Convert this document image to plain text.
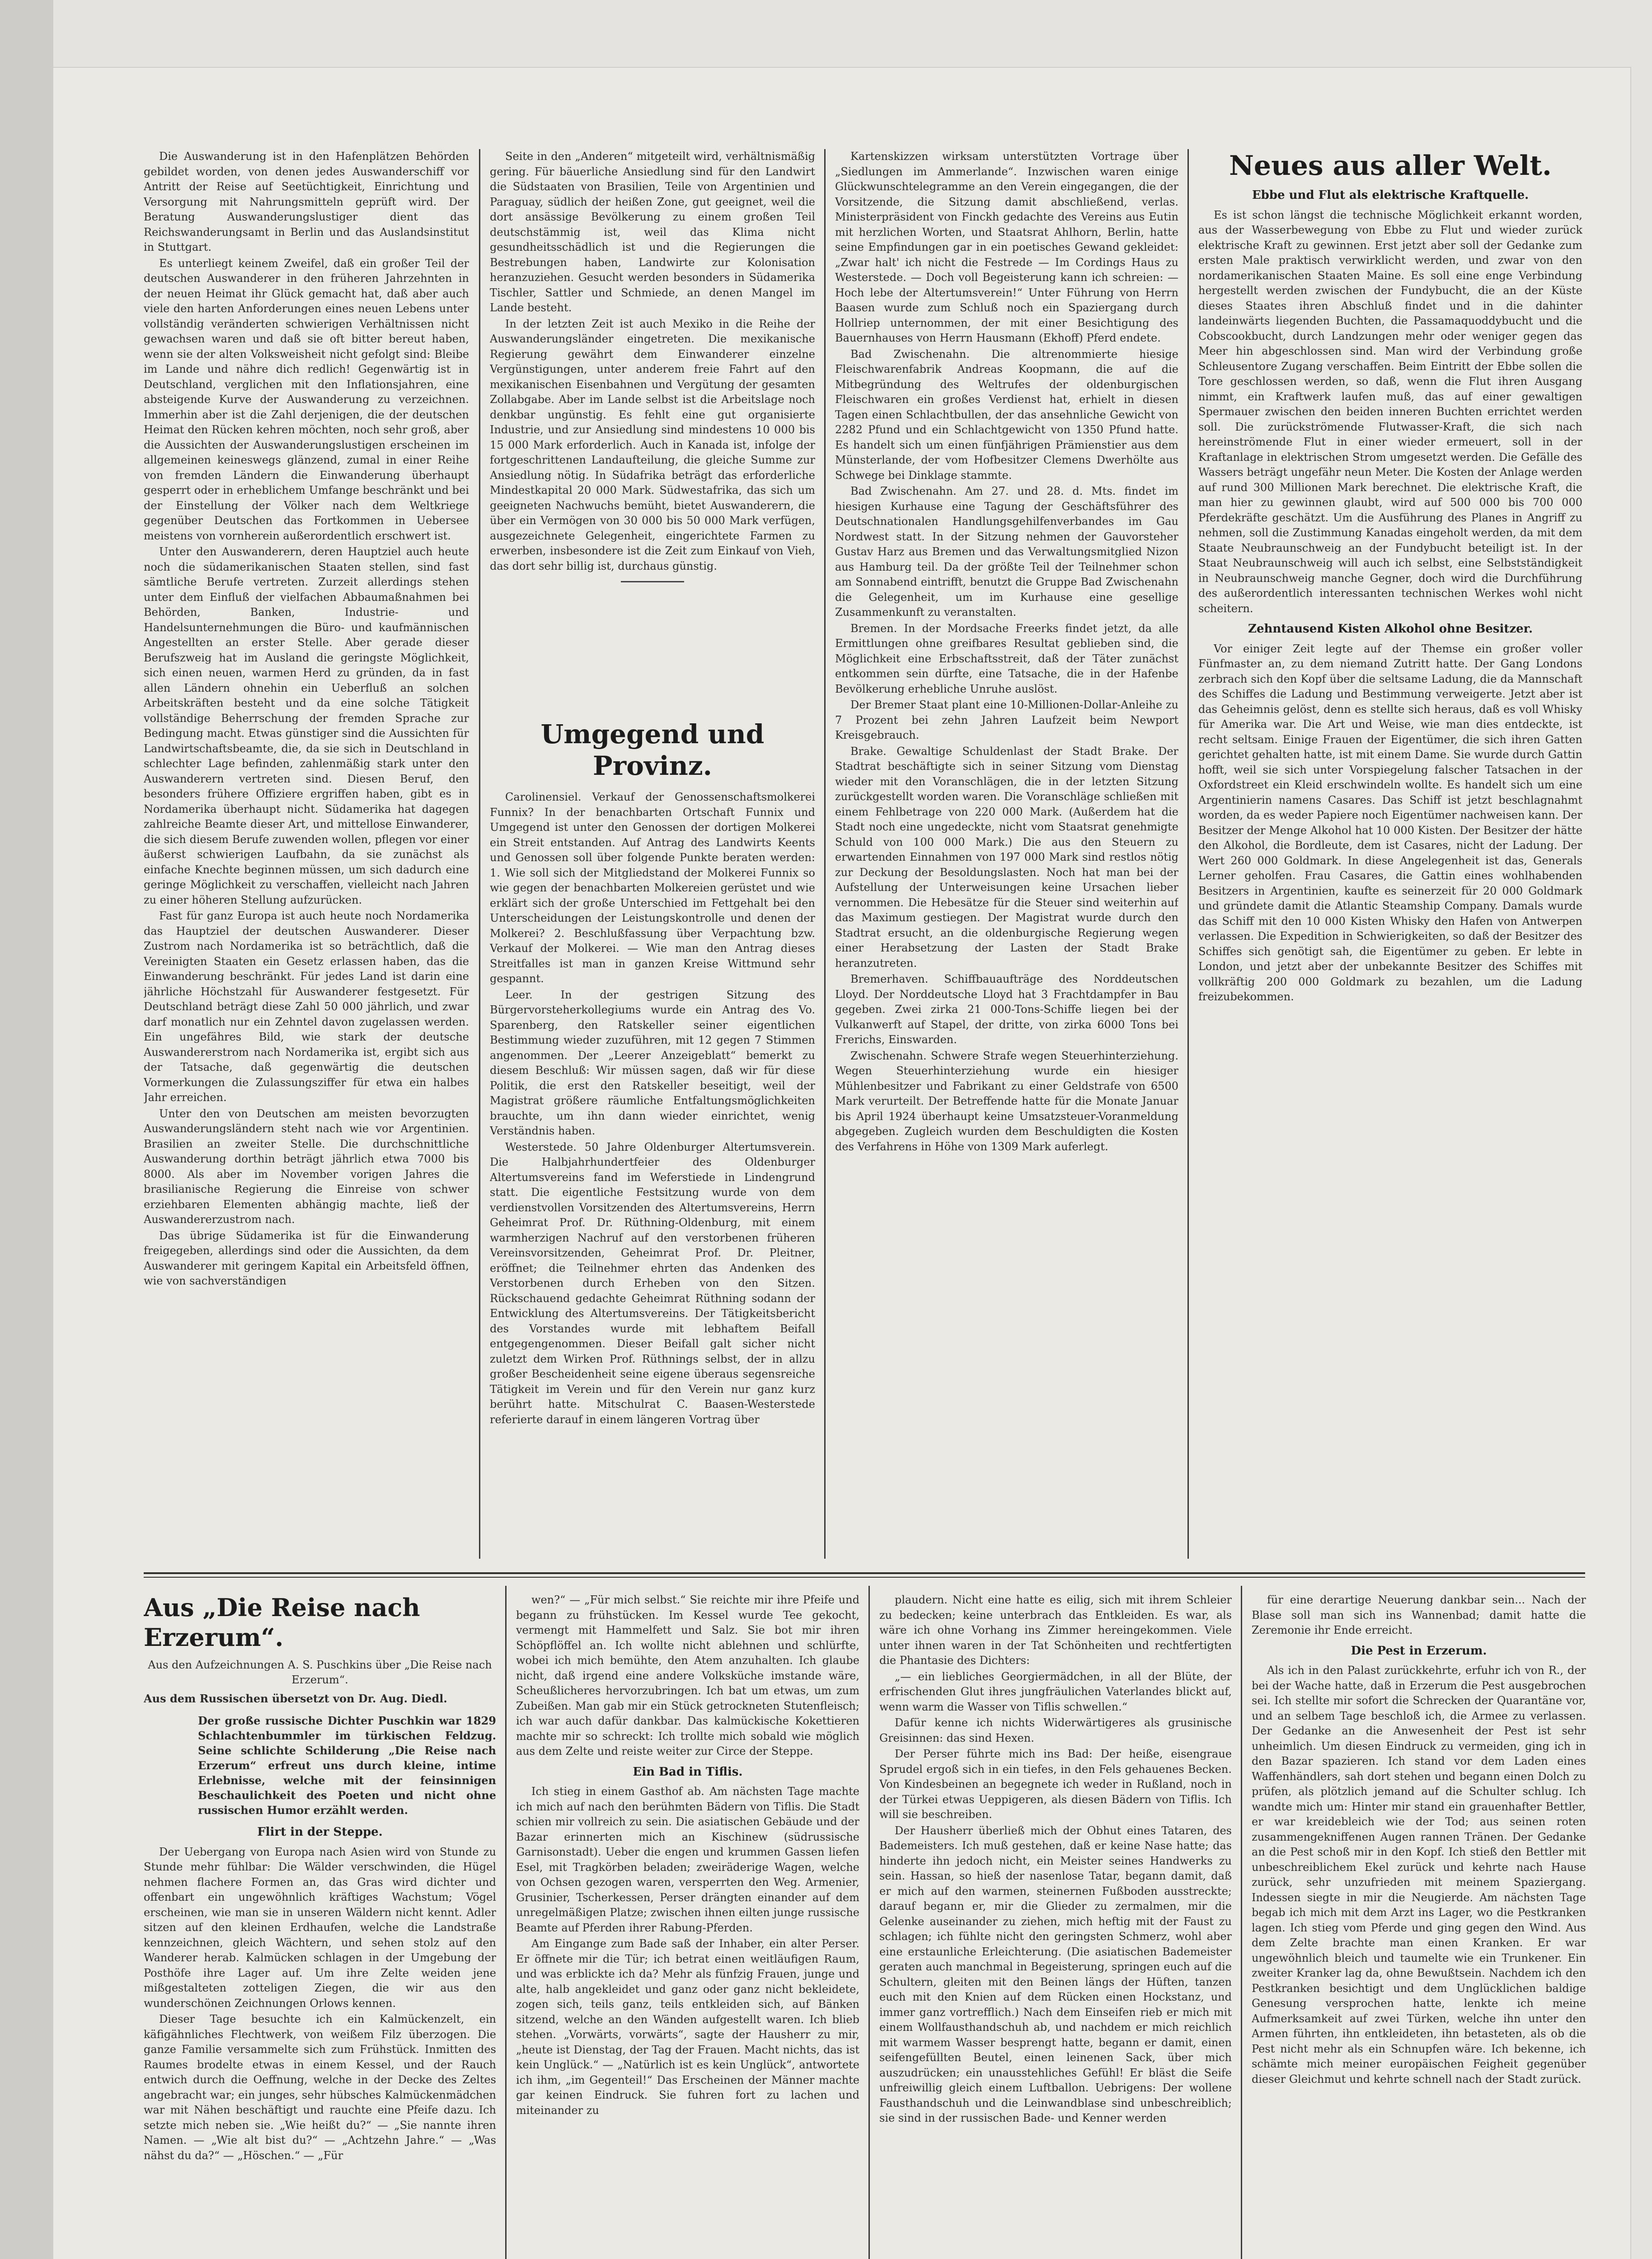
Die Auswanderung ist in den Hafenplätzen Behörden gebildet worden, von denen jedes Auswanderschiff vor Antritt der Reise auf Seetüchtigkeit, Einrichtung und Versorgung mit Nahrungsmitteln geprüft wird. Der Beratung Auswanderungslustiger dient das Reichswanderungsamt in Berlin und das Auslandsinstitut in Stuttgart.

Es unterliegt keinem Zweifel, daß ein großer Teil der deutschen Auswanderer in den früheren Jahrzehnten in der neuen Heimat ihr Glück gemacht hat, daß aber auch viele den harten Anforderungen eines neuen Lebens unter vollständig veränderten schwierigen Verhältnissen nicht gewachsen waren und daß sie oft bitter bereut haben, wenn sie der alten Volksweisheit nicht gefolgt sind: Bleibe im Lande und nähre dich redlich! Gegenwärtig ist in Deutschland, verglichen mit den Inflationsjahren, eine absteigende Kurve der Auswanderung zu verzeichnen. Immerhin aber ist die Zahl derjenigen, die der deutschen Heimat den Rücken kehren möchten, noch sehr groß, aber die Aussichten der Auswanderungslustigen erscheinen im allgemeinen keineswegs glänzend, zumal in einer Reihe von fremden Ländern die Einwanderung überhaupt gesperrt oder in erheblichem Umfange beschränkt und bei der Einstellung der Völker nach dem Weltkriege gegenüber Deutschen das Fortkommen in Uebersee meistens von vornherein außerordentlich erschwert ist.

Unter den Auswanderern, deren Hauptziel auch heute noch die südamerikanischen Staaten stellen, sind fast sämtliche Berufe vertreten. Zurzeit allerdings stehen unter dem Einfluß der vielfachen Abbaumaßnahmen bei Behörden, Banken, Industrie- und Handelsunternehmungen die Büro- und kaufmännischen Angestellten an erster Stelle. Aber gerade dieser Berufszweig hat im Ausland die geringste Möglichkeit, sich einen neuen, warmen Herd zu gründen, da in fast allen Ländern ohnehin ein Ueberfluß an solchen Arbeitskräften besteht und da eine solche Tätigkeit vollständige Beherrschung der fremden Sprache zur Bedingung macht. Etwas günstiger sind die Aussichten für Landwirtschaftsbeamte, die, da sie sich in Deutschland in schlechter Lage befinden, zahlenmäßig stark unter den Auswanderern vertreten sind. Diesen Beruf, den besonders frühere Offiziere ergriffen haben, gibt es in Nordamerika überhaupt nicht. Südamerika hat dagegen zahlreiche Beamte dieser Art, und mittellose Einwanderer, die sich diesem Berufe zuwenden wollen, pflegen vor einer äußerst schwierigen Laufbahn, da sie zunächst als einfache Knechte beginnen müssen, um sich dadurch eine geringe Möglichkeit zu verschaffen, vielleicht nach Jahren zu einer höheren Stellung aufzurücken.

Fast für ganz Europa ist auch heute noch Nordamerika das Hauptziel der deutschen Auswanderer. Dieser Zustrom nach Nordamerika ist so beträchtlich, daß die Vereinigten Staaten ein Gesetz erlassen haben, das die Einwanderung beschränkt. Für jedes Land ist darin eine jährliche Höchstzahl für Auswanderer festgesetzt. Für Deutschland beträgt diese Zahl 50 000 jährlich, und zwar darf monatlich nur ein Zehntel davon zugelassen werden. Ein ungefähres Bild, wie stark der deutsche Auswandererstrom nach Nordamerika ist, ergibt sich aus der Tatsache, daß gegenwärtig die deutschen Vormerkungen die Zulassungsziffer für etwa ein halbes Jahr erreichen.

Unter den von Deutschen am meisten bevorzugten Auswanderungsländern steht nach wie vor Argentinien. Brasilien an zweiter Stelle. Die durchschnittliche Auswanderung dorthin beträgt jährlich etwa 7000 bis 8000. Als aber im November vorigen Jahres die brasilianische Regierung die Einreise von schwer erziehbaren Elementen abhängig machte, ließ der Auswandererzustrom nach.

Das übrige Südamerika ist für die Einwanderung freigegeben, allerdings sind oder die Aussichten, da dem Auswanderer mit geringem Kapital ein Arbeitsfeld öffnen, wie von sachverständigen

Seite in den „Anderen“ mitgeteilt wird, verhältnismäßig gering. Für bäuerliche Ansiedlung sind für den Landwirt die Südstaaten von Brasilien, Teile von Argentinien und Paraguay, südlich der heißen Zone, gut geeignet, weil die dort ansässige Bevölkerung zu einem großen Teil deutschstämmig ist, weil das Klima nicht gesundheitsschädlich ist und die Regierungen die Bestrebungen haben, Landwirte zur Kolonisation heranzuziehen. Gesucht werden besonders in Südamerika Tischler, Sattler und Schmiede, an denen Mangel im Lande besteht.

In der letzten Zeit ist auch Mexiko in die Reihe der Auswanderungsländer eingetreten. Die mexikanische Regierung gewährt dem Einwanderer einzelne Vergünstigungen, unter anderem freie Fahrt auf den mexikanischen Eisenbahnen und Vergütung der gesamten Zollabgabe. Aber im Lande selbst ist die Arbeitslage noch denkbar ungünstig. Es fehlt eine gut organisierte Industrie, und zur Ansiedlung sind mindestens 10 000 bis 15 000 Mark erforderlich. Auch in Kanada ist, infolge der fortgeschrittenen Landaufteilung, die gleiche Summe zur Ansiedlung nötig. In Südafrika beträgt das erforderliche Mindestkapital 20 000 Mark. Südwestafrika, das sich um geeigneten Nachwuchs bemüht, bietet Auswanderern, die über ein Vermögen von 30 000 bis 50 000 Mark verfügen, ausgezeichnete Gelegenheit, eingerichtete Farmen zu erwerben, insbesondere ist die Zeit zum Einkauf von Vieh, das dort sehr billig ist, durchaus günstig.

Umgegend und Provinz.

Carolinensiel. Verkauf der Genossenschaftsmolkerei Funnix? In der benachbarten Ortschaft Funnix und Umgegend ist unter den Genossen der dortigen Molkerei ein Streit entstanden. Auf Antrag des Landwirts Keents und Genossen soll über folgende Punkte beraten werden: 1. Wie soll sich der Mitgliedstand der Molkerei Funnix so wie gegen der benachbarten Molkereien gerüstet und wie erklärt sich der große Unterschied im Fettgehalt bei den Unterscheidungen der Leistungskontrolle und denen der Molkerei? 2. Beschlußfassung über Verpachtung bzw. Verkauf der Molkerei. — Wie man den Antrag dieses Streitfalles ist man in ganzen Kreise Wittmund sehr gespannt.

Leer. In der gestrigen Sitzung des Bürgervorsteherkollegiums wurde ein Antrag des Vo. Sparenberg, den Ratskeller seiner eigentlichen Bestimmung wieder zuzuführen, mit 12 gegen 7 Stimmen angenommen. Der „Leerer Anzeigeblatt“ bemerkt zu diesem Beschluß: Wir müssen sagen, daß wir für diese Politik, die erst den Ratskeller beseitigt, weil der Magistrat größere räumliche Entfaltungsmöglichkeiten brauchte, um ihn dann wieder einrichtet, wenig Verständnis haben.

Westerstede. 50 Jahre Oldenburger Altertumsverein. Die Halbjahrhundertfeier des Oldenburger Altertumsvereins fand im Weferstiede in Lindengrund statt. Die eigentliche Festsitzung wurde von dem verdienstvollen Vorsitzenden des Altertumsvereins, Herrn Geheimrat Prof. Dr. Rüthning-Oldenburg, mit einem warmherzigen Nachruf auf den verstorbenen früheren Vereinsvorsitzenden, Geheimrat Prof. Dr. Pleitner, eröffnet; die Teilnehmer ehrten das Andenken des Verstorbenen durch Erheben von den Sitzen. Rückschauend gedachte Geheimrat Rüthning sodann der Entwicklung des Altertumsvereins. Der Tätigkeitsbericht des Vorstandes wurde mit lebhaftem Beifall entgegengenommen. Dieser Beifall galt sicher nicht zuletzt dem Wirken Prof. Rüthnings selbst, der in allzu großer Bescheidenheit seine eigene überaus segensreiche Tätigkeit im Verein und für den Verein nur ganz kurz berührt hatte. Mitschulrat C. Baasen-Westerstede referierte darauf in einem längeren Vortrag über

Kartenskizzen wirksam unterstützten Vortrage über „Siedlungen im Ammerlande“. Inzwischen waren einige Glückwunschtelegramme an den Verein eingegangen, die der Vorsitzende, die Sitzung damit abschließend, verlas. Ministerpräsident von Finckh gedachte des Vereins aus Eutin mit herzlichen Worten, und Staatsrat Ahlhorn, Berlin, hatte seine Empfindungen gar in ein poetisches Gewand gekleidet: „Zwar halt' ich nicht die Festrede — Im Cordings Haus zu Westerstede. — Doch voll Begeisterung kann ich schreien: — Hoch lebe der Altertumsverein!“ Unter Führung von Herrn Baasen wurde zum Schluß noch ein Spaziergang durch Hollriep unternommen, der mit einer Besichtigung des Bauernhauses von Herrn Hausmann (Ekhoff) Pferd endete.

Bad Zwischenahn. Die altrenommierte hiesige Fleischwarenfabrik Andreas Koopmann, die auf die Mitbegründung des Weltrufes der oldenburgischen Fleischwaren ein großes Verdienst hat, erhielt in diesen Tagen einen Schlachtbullen, der das ansehnliche Gewicht von 2282 Pfund und ein Schlachtgewicht von 1350 Pfund hatte. Es handelt sich um einen fünfjährigen Prämienstier aus dem Münsterlande, der vom Hofbesitzer Clemens Dwerhölte aus Schwege bei Dinklage stammte.

Bad Zwischenahn. Am 27. und 28. d. Mts. findet im hiesigen Kurhause eine Tagung der Geschäftsführer des Deutschnationalen Handlungsgehilfenverbandes im Gau Nordwest statt. In der Sitzung nehmen der Gauvorsteher Gustav Harz aus Bremen und das Verwaltungsmitglied Nizon aus Hamburg teil. Da der größte Teil der Teilnehmer schon am Sonnabend eintrifft, benutzt die Gruppe Bad Zwischenahn die Gelegenheit, um im Kurhause eine gesellige Zusammenkunft zu veranstalten.

Bremen. In der Mordsache Freerks findet jetzt, da alle Ermittlungen ohne greifbares Resultat geblieben sind, die Möglichkeit eine Erbschaftsstreit, daß der Täter zunächst entkommen sein dürfte, eine Tatsache, die in der Hafenbe Bevölkerung erhebliche Unruhe auslöst.

Der Bremer Staat plant eine 10-Millionen-Dollar-Anleihe zu 7 Prozent bei zehn Jahren Laufzeit beim Newport Kreisgebrauch.

Brake. Gewaltige Schuldenlast der Stadt Brake. Der Stadtrat beschäftigte sich in seiner Sitzung vom Dienstag wieder mit den Voranschlägen, die in der letzten Sitzung zurückgestellt worden waren. Die Voranschläge schließen mit einem Fehlbetrage von 220 000 Mark. (Außerdem hat die Stadt noch eine ungedeckte, nicht vom Staatsrat genehmigte Schuld von 100 000 Mark.) Die aus den Steuern zu erwartenden Einnahmen von 197 000 Mark sind restlos nötig zur Deckung der Besoldungslasten. Noch hat man bei der Aufstellung der Unterweisungen keine Ursachen lieber vernommen. Die Hebesätze für die Steuer sind weiterhin auf das Maximum gestiegen. Der Magistrat wurde durch den Stadtrat ersucht, an die oldenburgische Regierung wegen einer Herabsetzung der Lasten der Stadt Brake heranzutreten.

Bremerhaven. Schiffbauaufträge des Norddeutschen Lloyd. Der Norddeutsche Lloyd hat 3 Frachtdampfer in Bau gegeben. Zwei zirka 21 000-Tons-Schiffe liegen bei der Vulkanwerft auf Stapel, der dritte, von zirka 6000 Tons bei Frerichs, Einswarden.

Zwischenahn. Schwere Strafe wegen Steuerhinterziehung. Wegen Steuerhinterziehung wurde ein hiesiger Mühlenbesitzer und Fabrikant zu einer Geldstrafe von 6500 Mark verurteilt. Der Betreffende hatte für die Monate Januar bis April 1924 überhaupt keine Umsatzsteuer-Voranmeldung abgegeben. Zugleich wurden dem Beschuldigten die Kosten des Verfahrens in Höhe von 1309 Mark auferlegt.

Neues aus aller Welt.
Ebbe und Flut als elektrische Kraftquelle.

Es ist schon längst die technische Möglichkeit erkannt worden, aus der Wasserbewegung von Ebbe zu Flut und wieder zurück elektrische Kraft zu gewinnen. Erst jetzt aber soll der Gedanke zum ersten Male praktisch verwirklicht werden, und zwar von den nordamerikanischen Staaten Maine. Es soll eine enge Verbindung hergestellt werden zwischen der Fundybucht, die an der Küste dieses Staates ihren Abschluß findet und in die dahinter landeinwärts liegenden Buchten, die Passamaquoddybucht und die Cobscookbucht, durch Landzungen mehr oder weniger gegen das Meer hin abgeschlossen sind. Man wird der Verbindung große Schleusentore Zugang verschaffen. Beim Eintritt der Ebbe sollen die Tore geschlossen werden, so daß, wenn die Flut ihren Ausgang nimmt, ein Kraftwerk laufen muß, das auf einer gewaltigen Spermauer zwischen den beiden inneren Buchten errichtet werden soll. Die zurückströmende Flutwasser-Kraft, die sich nach hereinströmende Flut in einer wieder ermeuert, soll in der Kraftanlage in elektrischen Strom umgesetzt werden. Die Gefälle des Wassers beträgt ungefähr neun Meter. Die Kosten der Anlage werden auf rund 300 Millionen Mark berechnet. Die elektrische Kraft, die man hier zu gewinnen glaubt, wird auf 500 000 bis 700 000 Pferdekräfte geschätzt. Um die Ausführung des Planes in Angriff zu nehmen, soll die Zustimmung Kanadas eingeholt werden, da mit dem Staate Neubraunschweig an der Fundybucht beteiligt ist. In der Staat Neubraunschweig will auch ich selbst, eine Selbstständigkeit in Neubraunschweig manche Gegner, doch wird die Durchführung des außerordentlich interessanten technischen Werkes wohl nicht scheitern.

Zehntausend Kisten Alkohol ohne Besitzer.

Vor einiger Zeit legte auf der Themse ein großer voller Fünfmaster an, zu dem niemand Zutritt hatte. Der Gang Londons zerbrach sich den Kopf über die seltsame Ladung, die da Mannschaft des Schiffes die Ladung und Bestimmung verweigerte. Jetzt aber ist das Geheimnis gelöst, denn es stellte sich heraus, daß es voll Whisky für Amerika war. Die Art und Weise, wie man dies entdeckte, ist recht seltsam. Einige Frauen der Eigentümer, die sich ihren Gatten gerichtet gehalten hatte, ist mit einem Dame. Sie wurde durch Gattin hofft, weil sie sich unter Vorspiegelung falscher Tatsachen in der Oxfordstreet ein Kleid erschwindeln wollte. Es handelt sich um eine Argentinierin namens Casares. Das Schiff ist jetzt beschlagnahmt worden, da es weder Papiere noch Eigentümer nachweisen kann. Der Besitzer der Menge Alkohol hat 10 000 Kisten. Der Besitzer der hätte den Alkohol, die Bordleute, dem ist Casares, nicht der Ladung. Der Wert 260 000 Goldmark. In diese Angelegenheit ist das, Generals Lerner geholfen. Frau Casares, die Gattin eines wohlhabenden Besitzers in Argentinien, kaufte es seinerzeit für 20 000 Goldmark und gründete damit die Atlantic Steamship Company. Damals wurde das Schiff mit den 10 000 Kisten Whisky den Hafen von Antwerpen verlassen. Die Expedition in Schwierigkeiten, so daß der Besitzer des Schiffes sich genötigt sah, die Eigentümer zu geben. Er lebte in London, und jetzt aber der unbekannte Besitzer des Schiffes mit vollkräftig 200 000 Goldmark zu bezahlen, um die Ladung freizubekommen.

Aus „Die Reise nach Erzerum“.
Aus den Aufzeichnungen A. S. Puschkins über „Die Reise nach Erzerum“.
Aus dem Russischen übersetzt von Dr. Aug. Diedl.
Der große russische Dichter Puschkin war 1829 Schlachtenbummler im türkischen Feldzug. Seine schlichte Schilderung „Die Reise nach Erzerum“ erfreut uns durch kleine, intime Erlebnisse, welche mit der feinsinnigen Beschaulichkeit des Poeten und nicht ohne russischen Humor erzählt werden.
Flirt in der Steppe.

Der Uebergang von Europa nach Asien wird von Stunde zu Stunde mehr fühlbar: Die Wälder verschwinden, die Hügel nehmen flachere Formen an, das Gras wird dichter und offenbart ein ungewöhnlich kräftiges Wachstum; Vögel erscheinen, wie man sie in unseren Wäldern nicht kennt. Adler sitzen auf den kleinen Erdhaufen, welche die Landstraße kennzeichnen, gleich Wächtern, und sehen stolz auf den Wanderer herab. Kalmücken schlagen in der Umgebung der Posthöfe ihre Lager auf. Um ihre Zelte weiden jene mißgestalteten zotteligen Ziegen, die wir aus den wunderschönen Zeichnungen Orlows kennen.

Dieser Tage besuchte ich ein Kalmückenzelt, ein käfigähnliches Flechtwerk, von weißem Filz überzogen. Die ganze Familie versammelte sich zum Frühstück. Inmitten des Raumes brodelte etwas in einem Kessel, und der Rauch entwich durch die Oeffnung, welche in der Decke des Zeltes angebracht war; ein junges, sehr hübsches Kalmückenmädchen war mit Nähen beschäftigt und rauchte eine Pfeife dazu. Ich setzte mich neben sie. „Wie heißt du?“ — „Sie nannte ihren Namen. — „Wie alt bist du?“ — „Achtzehn Jahre.“ — „Was nähst du da?“ — „Höschen.“ — „Für

wen?“ — „Für mich selbst.“ Sie reichte mir ihre Pfeife und begann zu frühstücken. Im Kessel wurde Tee gekocht, vermengt mit Hammelfett und Salz. Sie bot mir ihren Schöpflöffel an. Ich wollte nicht ablehnen und schlürfte, wobei ich mich bemühte, den Atem anzuhalten. Ich glaube nicht, daß irgend eine andere Volksküche imstande wäre, Scheußlicheres hervorzubringen. Ich bat um etwas, um zum Zubeißen. Man gab mir ein Stück getrockneten Stutenfleisch; ich war auch dafür dankbar. Das kalmückische Kokettieren machte mir so schreckt: Ich trollte mich sobald wie möglich aus dem Zelte und reiste weiter zur Circe der Steppe.

Ein Bad in Tiflis.

Ich stieg in einem Gasthof ab. Am nächsten Tage machte ich mich auf nach den berühmten Bädern von Tiflis. Die Stadt schien mir vollreich zu sein. Die asiatischen Gebäude und der Bazar erinnerten mich an Kischinew (südrussische Garnisonstadt). Ueber die engen und krummen Gassen liefen Esel, mit Tragkörben beladen; zweiräderige Wagen, welche von Ochsen gezogen waren, versperrten den Weg. Armenier, Grusinier, Tscherkessen, Perser drängten einander auf dem unregelmäßigen Platze; zwischen ihnen eilten junge russische Beamte auf Pferden ihrer Rabung-Pferden.

Am Eingange zum Bade saß der Inhaber, ein alter Perser. Er öffnete mir die Tür; ich betrat einen weitläufigen Raum, und was erblickte ich da? Mehr als fünfzig Frauen, junge und alte, halb angekleidet und ganz oder ganz nicht bekleidete, zogen sich, teils ganz, teils entkleiden sich, auf Bänken sitzend, welche an den Wänden aufgestellt waren. Ich blieb stehen. „Vorwärts, vorwärts“, sagte der Hausherr zu mir, „heute ist Dienstag, der Tag der Frauen. Macht nichts, das ist kein Unglück.“ — „Natürlich ist es kein Unglück“, antwortete ich ihm, „im Gegenteil!“ Das Erscheinen der Männer machte gar keinen Eindruck. Sie fuhren fort zu lachen und miteinander zu

plaudern. Nicht eine hatte es eilig, sich mit ihrem Schleier zu bedecken; keine unterbrach das Entkleiden. Es war, als wäre ich ohne Vorhang ins Zimmer hereingekommen. Viele unter ihnen waren in der Tat Schönheiten und rechtfertigten die Phantasie des Dichters:

„— ein liebliches Georgiermädchen, in all der Blüte, der erfrischenden Glut ihres jungfräulichen Vaterlandes blickt auf, wenn warm die Wasser von Tiflis schwellen.“

Dafür kenne ich nichts Widerwärtigeres als grusinische Greisinnen: das sind Hexen.

Der Perser führte mich ins Bad: Der heiße, eisengraue Sprudel ergoß sich in ein tiefes, in den Fels gehauenes Becken. Von Kindesbeinen an begegnete ich weder in Rußland, noch in der Türkei etwas Ueppigeren, als diesen Bädern von Tiflis. Ich will sie beschreiben.

Der Hausherr überließ mich der Obhut eines Tataren, des Bademeisters. Ich muß gestehen, daß er keine Nase hatte; das hinderte ihn jedoch nicht, ein Meister seines Handwerks zu sein. Hassan, so hieß der nasenlose Tatar, begann damit, daß er mich auf den warmen, steinernen Fußboden ausstreckte; darauf begann er, mir die Glieder zu zermalmen, mir die Gelenke auseinander zu ziehen, mich heftig mit der Faust zu schlagen; ich fühlte nicht den geringsten Schmerz, wohl aber eine erstaunliche Erleichterung. (Die asiatischen Bademeister geraten auch manchmal in Begeisterung, springen euch auf die Schultern, gleiten mit den Beinen längs der Hüften, tanzen euch mit den Knien auf dem Rücken einen Hockstanz, und immer ganz vortrefflich.) Nach dem Einseifen rieb er mich mit einem Wollfausthandschuh ab, und nachdem er mich reichlich mit warmem Wasser besprengt hatte, begann er damit, einen seifengefüllten Beutel, einen leinenen Sack, über mich auszudrücken; ein unausstehliches Gefühl! Er bläst die Seife unfreiwillig gleich einem Luftballon. Uebrigens: Der wollene Fausthandschuh und die Leinwandblase sind unbeschreiblich; sie sind in der russischen Bade- und Kenner werden

für eine derartige Neuerung dankbar sein... Nach der Blase soll man sich ins Wannenbad; damit hatte die Zeremonie ihr Ende erreicht.

Die Pest in Erzerum.

Als ich in den Palast zurückkehrte, erfuhr ich von R., der bei der Wache hatte, daß in Erzerum die Pest ausgebrochen sei. Ich stellte mir sofort die Schrecken der Quarantäne vor, und an selbem Tage beschloß ich, die Armee zu verlassen. Der Gedanke an die Anwesenheit der Pest ist sehr unheimlich. Um diesen Eindruck zu vermeiden, ging ich in den Bazar spazieren. Ich stand vor dem Laden eines Waffenhändlers, sah dort stehen und begann einen Dolch zu prüfen, als plötzlich jemand auf die Schulter schlug. Ich wandte mich um: Hinter mir stand ein grauenhafter Bettler, er war kreidebleich wie der Tod; aus seinen roten zusammengekniffenen Augen rannen Tränen. Der Gedanke an die Pest schoß mir in den Kopf. Ich stieß den Bettler mit unbeschreiblichem Ekel zurück und kehrte nach Hause zurück, sehr unzufrieden mit meinem Spaziergang. Indessen siegte in mir die Neugierde. Am nächsten Tage begab ich mich mit dem Arzt ins Lager, wo die Pestkranken lagen. Ich stieg vom Pferde und ging gegen den Wind. Aus dem Zelte brachte man einen Kranken. Er war ungewöhnlich bleich und taumelte wie ein Trunkener. Ein zweiter Kranker lag da, ohne Bewußtsein. Nachdem ich den Pestkranken besichtigt und dem Unglücklichen baldige Genesung versprochen hatte, lenkte ich meine Aufmerksamkeit auf zwei Türken, welche ihn unter den Armen führten, ihn entkleideten, ihn betasteten, als ob die Pest nicht mehr als ein Schnupfen wäre. Ich bekenne, ich schämte mich meiner europäischen Feigheit gegenüber dieser Gleichmut und kehrte schnell nach der Stadt zurück.
